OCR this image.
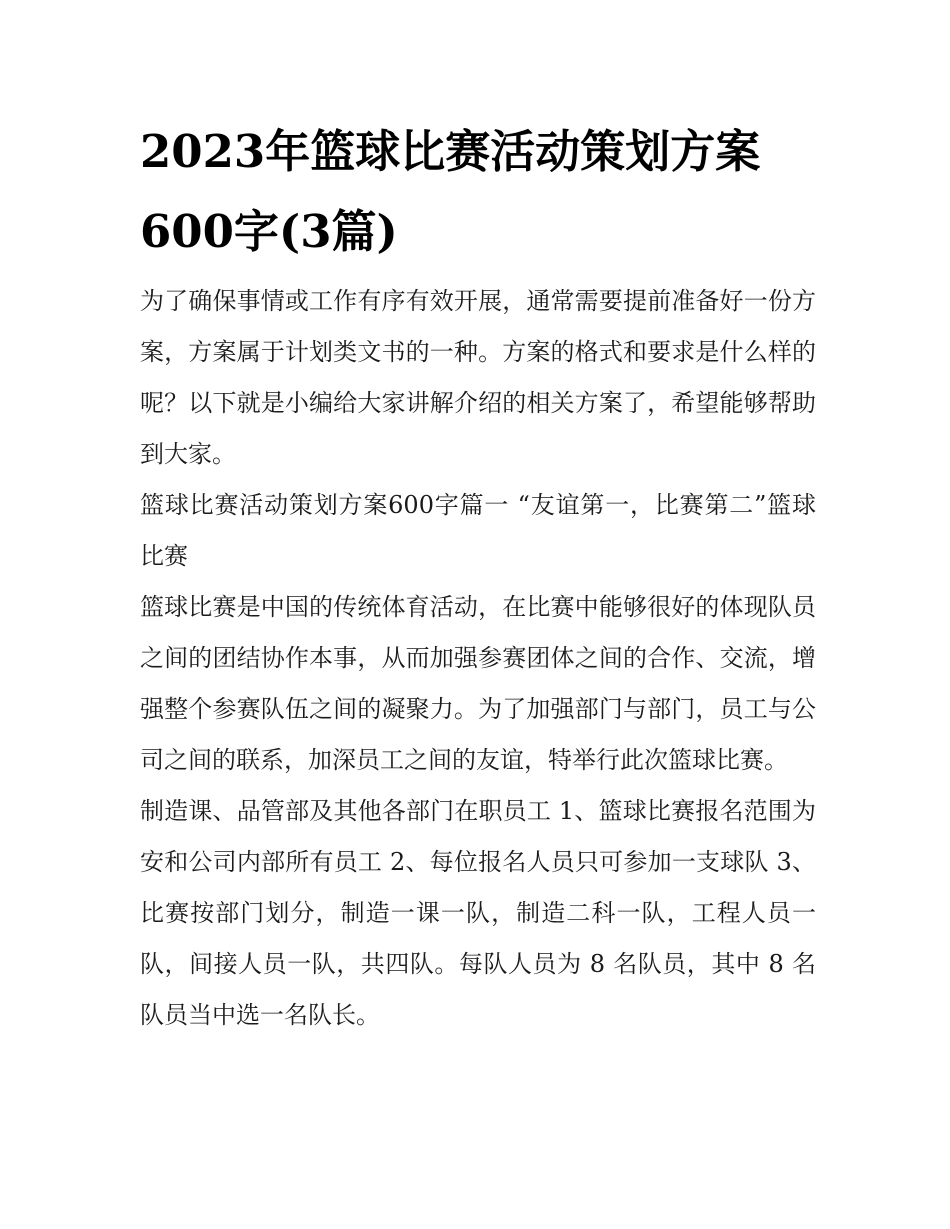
2023年篮球比赛活动策划方案600字(3篇)

为了确保事情或工作有序有效开展，通常需要提前准备好一份方案，方案属于计划类文书的一种。方案的格式和要求是什么样的呢？以下就是小编给大家讲解介绍的相关方案了，希望能够帮助到大家。

篮球比赛活动策划方案600字篇一 “友谊第一，比赛第二”篮球比赛

篮球比赛是中国的传统体育活动，在比赛中能够很好的体现队员之间的团结协作本事，从而加强参赛团体之间的合作、交流，增强整个参赛队伍之间的凝聚力。为了加强部门与部门，员工与公司之间的联系，加深员工之间的友谊，特举行此次篮球比赛。

制造课、品管部及其他各部门在职员工 1、篮球比赛报名范围为安和公司内部所有员工 2、每位报名人员只可参加一支球队 3、比赛按部门划分，制造一课一队，制造二科一队，工程人员一队，间接人员一队，共四队。每队人员为 8 名队员，其中 8 名队员当中选一名队长。
